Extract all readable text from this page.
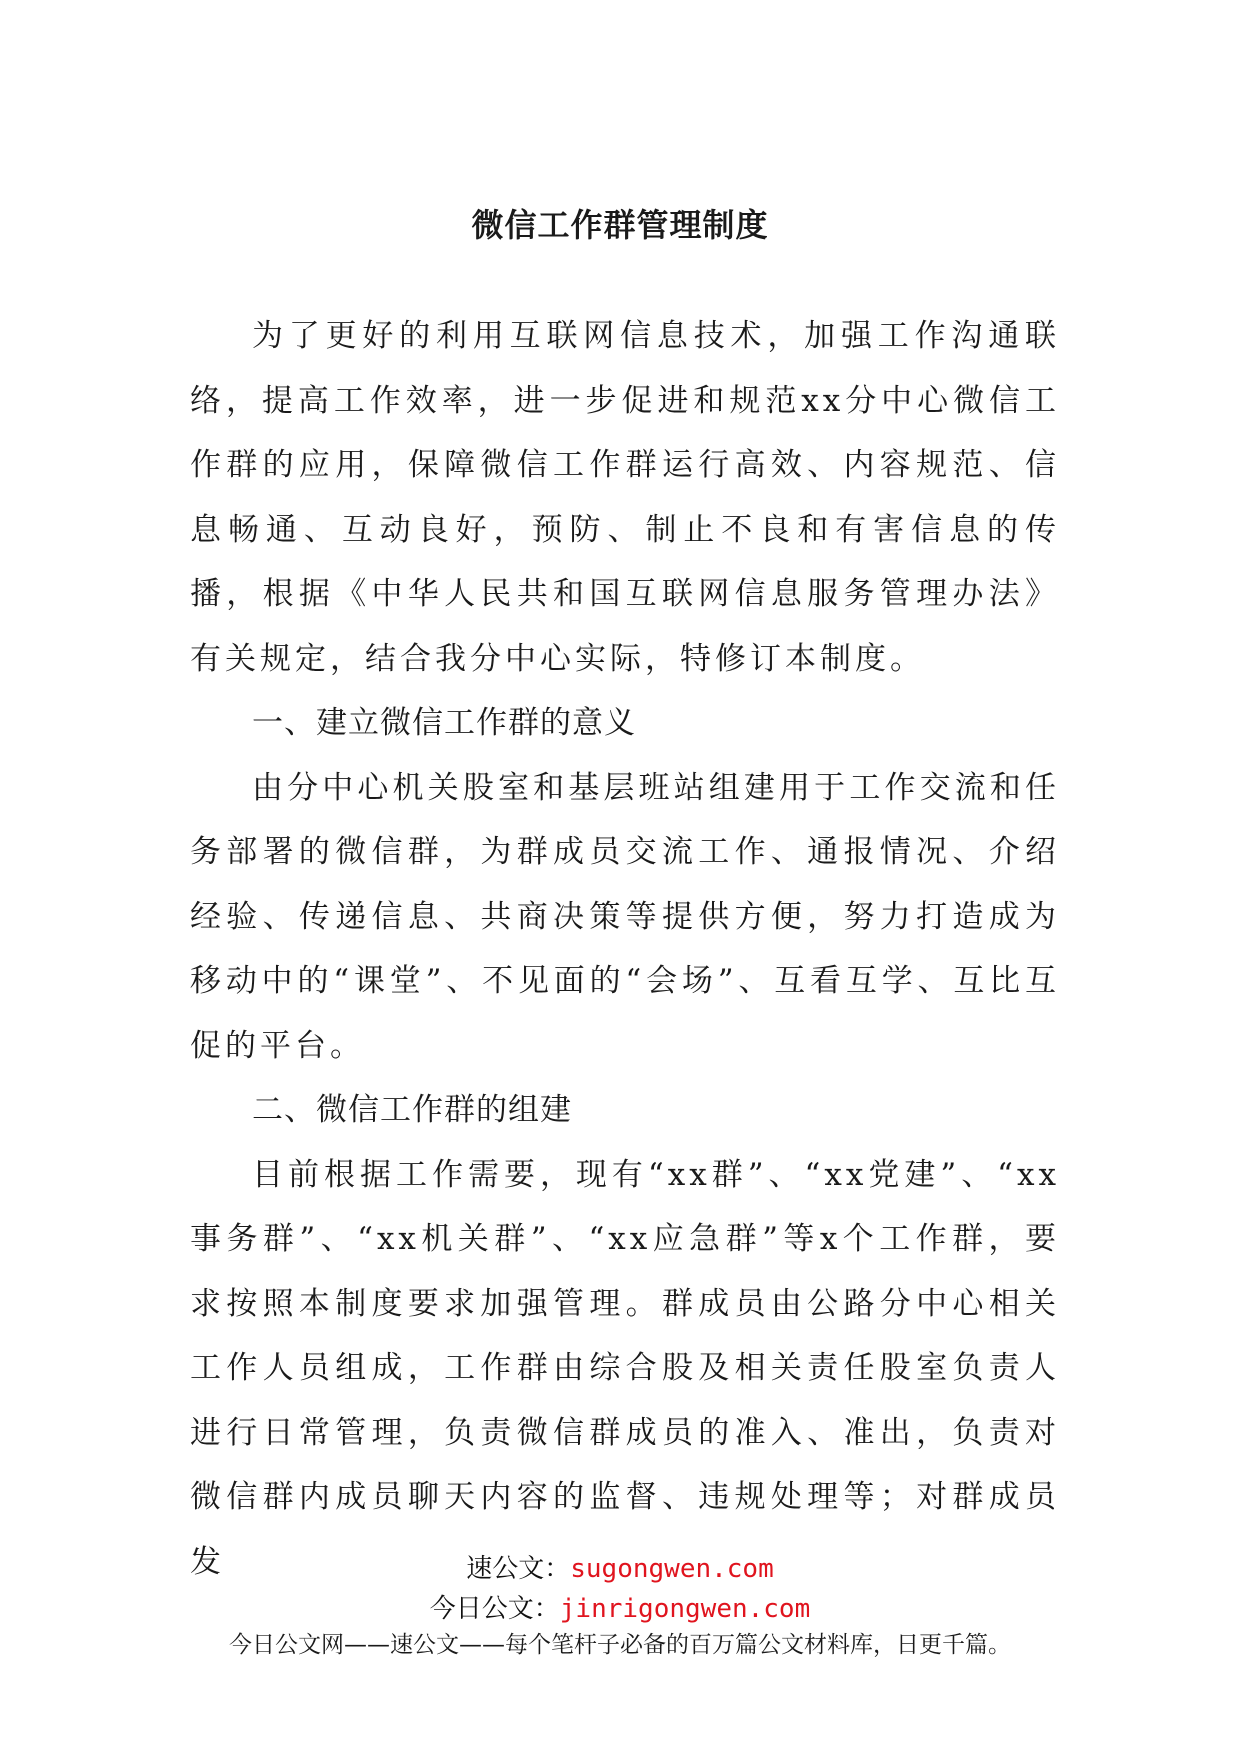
微信工作群管理制度

为了更好的利用互联网信息技术，加强工作沟通联络，提高工作效率，进一步促进和规范xx分中心微信工作群的应用，保障微信工作群运行高效、内容规范、信息畅通、互动良好，预防、制止不良和有害信息的传播，根据《中华人民共和国互联网信息服务管理办法》有关规定，结合我分中心实际，特修订本制度。

一、建立微信工作群的意义

由分中心机关股室和基层班站组建用于工作交流和任务部署的微信群，为群成员交流工作、通报情况、介绍经验、传递信息、共商决策等提供方便，努力打造成为移动中的“课堂”、不见面的“会场”、互看互学、互比互促的平台。

二、微信工作群的组建

目前根据工作需要，现有“xx群”、“xx党建”、“xx事务群”、“xx机关群”、“xx应急群”等x个工作群，要求按照本制度要求加强管理。群成员由公路分中心相关工作人员组成，工作群由综合股及相关责任股室负责人进行日常管理，负责微信群成员的准入、准出，负责对微信群内成员聊天内容的监督、违规处理等；对群成员发	速公文：sugongwen.com
今日公文：jinrigongwen.com
今日公文网——速公文——每个笔杆子必备的百万篇公文材料库，日更千篇。
